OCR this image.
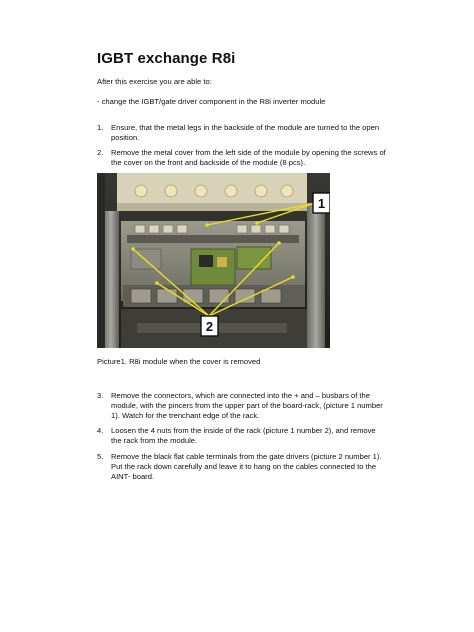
IGBT exchange R8i
After this exercise you are able to:
- change the IGBT/gate driver component in the R8i inverter module
1. Ensure, that the metal legs in the backside of the module are turned to the open
position.
2. Remove the metal cover from the left side of the module by opening the screws of
the cover on the front and backside of the module (8 pcs).
1
2
Picture1. R8i module when the cover is removed
3. Remove the connectors, which are connected into the + and – busbars of the
module, with the pincers from the upper part of the board-rack, (picture 1 number
1). Watch for the trenchant edge of the rack.
4. Loosen the 4 nuts from the inside of the rack (picture 1 number 2), and remove
the rack from the module.
5. Remove the black flat cable terminals from the gate drivers (picture 2 number 1).
Put the rack down carefully and leave it to hang on the cables connected to the
AINT- board.
